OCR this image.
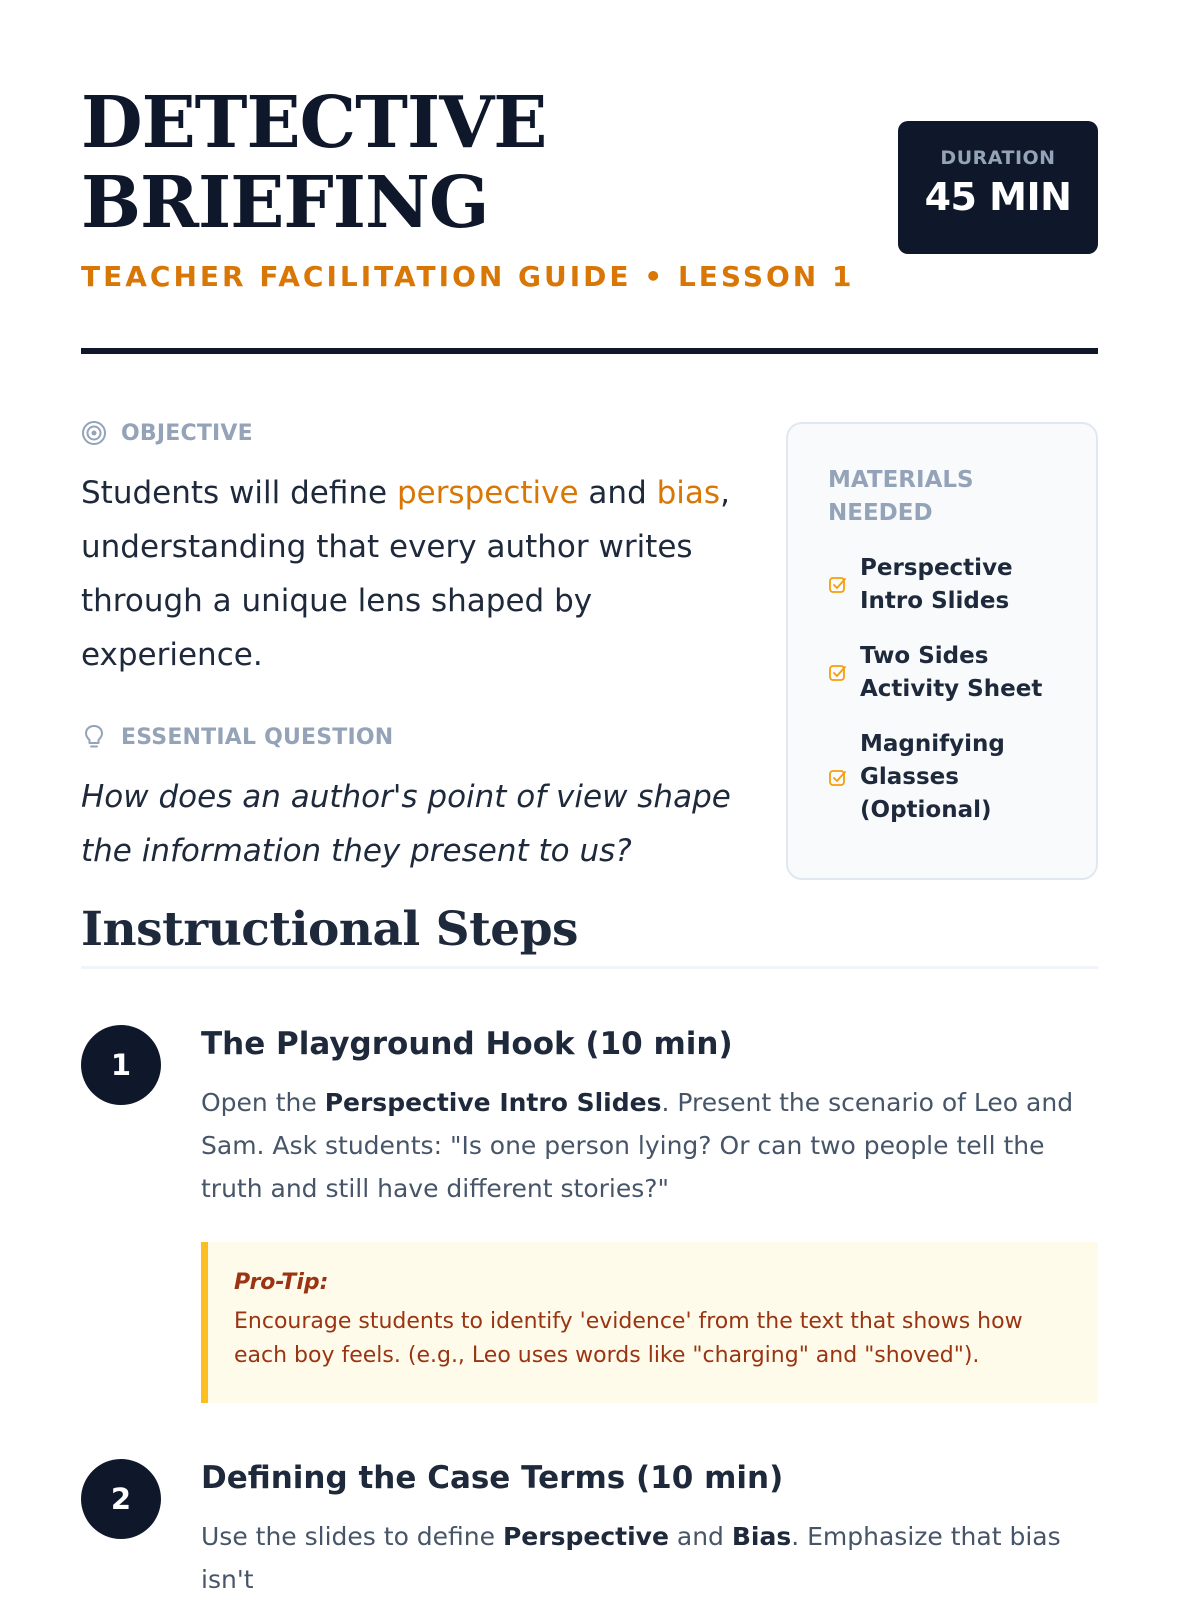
DETECTIVE BRIEFING
TEACHER FACILITATION GUIDE • LESSON 1
DURATION
45 MIN
OBJECTIVE

Students will define perspective and bias, understanding that every author writes through a unique lens shaped by experience.

ESSENTIAL QUESTION

How does an author's point of view shape the information they present to us?

MATERIALS NEEDED
Perspective Intro Slides
Two Sides Activity Sheet
Magnifying Glasses (Optional)
Instructional Steps
1
The Playground Hook (10 min)

Open the Perspective Intro Slides. Present the scenario of Leo and Sam. Ask students: "Is one person lying? Or can two people tell the truth and still have different stories?"

Pro-Tip:
Encourage students to identify 'evidence' from the text that shows how each boy feels. (e.g., Leo uses words like "charging" and "shoved").
2
Defining the Case Terms (10 min)

Use the slides to define Perspective and Bias. Emphasize that bias isn't
